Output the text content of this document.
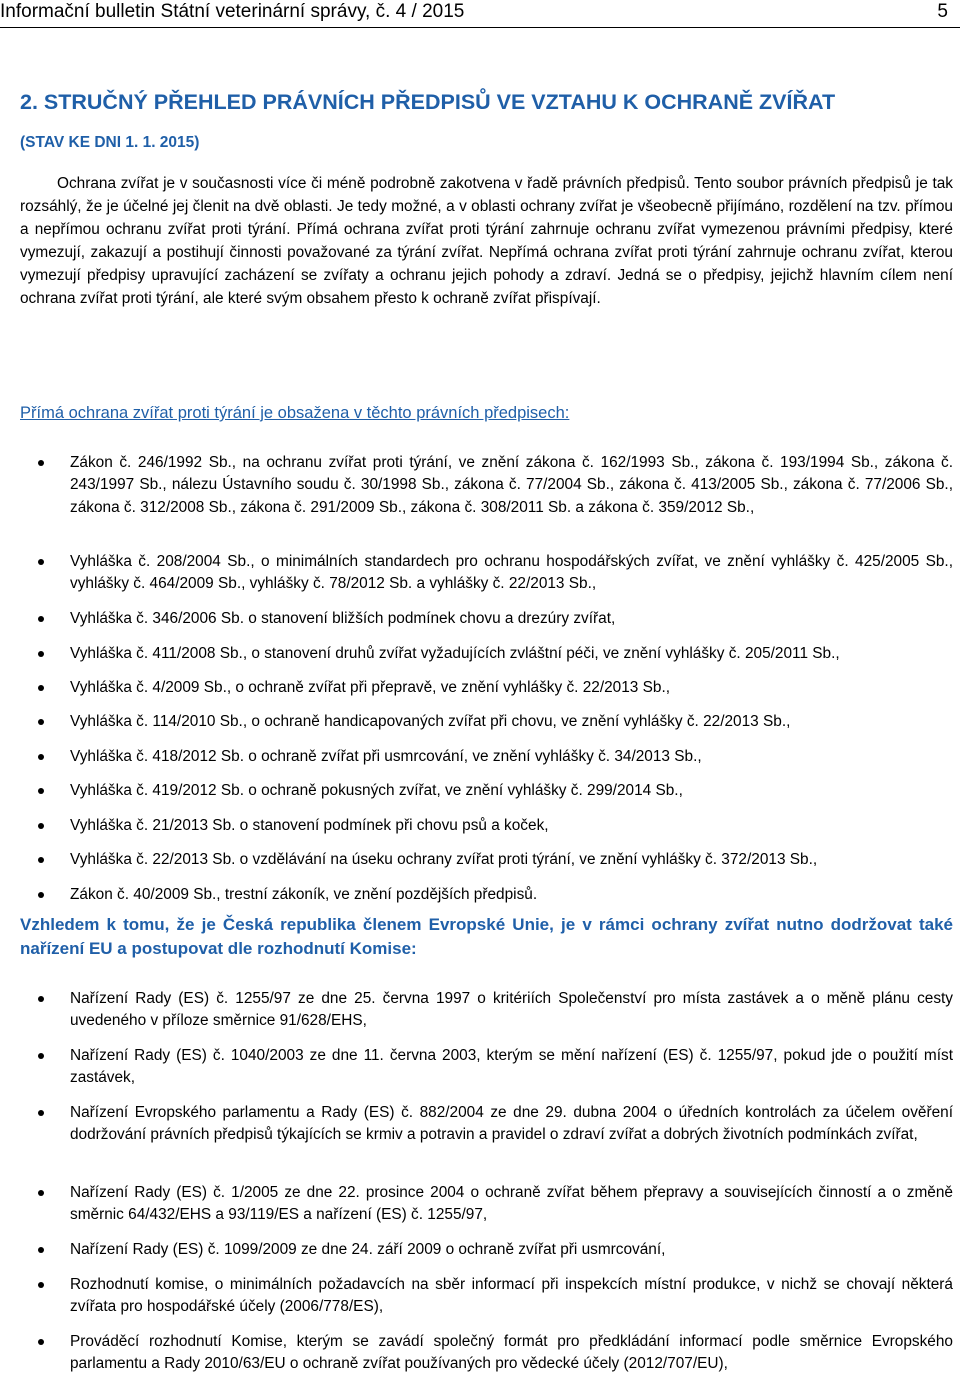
Informační bulletin Státní veterinární správy, č. 4 / 2015	5
2. STRUČNÝ PŘEHLED PRÁVNÍCH PŘEDPISŮ VE VZTAHU K OCHRANĚ ZVÍŘAT
(STAV KE DNI 1. 1. 2015)

Ochrana zvířat je v současnosti více či méně podrobně zakotvena v řadě právních předpisů. Tento soubor právních předpisů je tak rozsáhlý, že je účelné jej členit na dvě oblasti. Je tedy možné, a v oblasti ochrany zvířat je všeobecně přijímáno, rozdělení na tzv. přímou a nepřímou ochranu zvířat proti týrání. Přímá ochrana zvířat proti týrání zahrnuje ochranu zvířat vymezenou právními předpisy, které vymezují, zakazují a postihují činnosti považované za týrání zvířat. Nepřímá ochrana zvířat proti týrání zahrnuje ochranu zvířat, kterou vymezují předpisy upravující zacházení se zvířaty a ochranu jejich pohody a zdraví. Jedná se o předpisy, jejichž hlavním cílem není ochrana zvířat proti týrání, ale které svým obsahem přesto k ochraně zvířat přispívají.

Přímá ochrana zvířat proti týrání je obsažena v těchto právních předpisech:
Zákon č. 246/1992 Sb., na ochranu zvířat proti týrání, ve znění zákona č. 162/1993 Sb., zákona č. 193/1994 Sb., zákona č. 243/1997 Sb., nálezu Ústavního soudu č. 30/1998 Sb., zákona č. 77/2004 Sb., zákona č. 413/2005 Sb., zákona č. 77/2006 Sb., zákona č. 312/2008 Sb., zákona č. 291/2009 Sb., zákona č. 308/2011 Sb. a zákona č. 359/2012 Sb.,
Vyhláška č. 208/2004 Sb., o minimálních standardech pro ochranu hospodářských zvířat, ve znění vyhlášky č. 425/2005 Sb., vyhlášky č. 464/2009 Sb., vyhlášky č. 78/2012 Sb. a vyhlášky č. 22/2013 Sb.,
Vyhláška č. 346/2006 Sb. o stanovení bližších podmínek chovu a drezúry zvířat,
Vyhláška č. 411/2008 Sb., o stanovení druhů zvířat vyžadujících zvláštní péči, ve znění vyhlášky č. 205/2011 Sb.,
Vyhláška č. 4/2009 Sb., o ochraně zvířat při přepravě, ve znění vyhlášky č. 22/2013 Sb.,
Vyhláška č. 114/2010 Sb., o ochraně handicapovaných zvířat při chovu, ve znění vyhlášky č. 22/2013 Sb.,
Vyhláška č. 418/2012 Sb. o ochraně zvířat při usmrcování, ve znění vyhlášky č. 34/2013 Sb.,
Vyhláška č. 419/2012 Sb. o ochraně pokusných zvířat, ve znění vyhlášky č. 299/2014 Sb.,
Vyhláška č. 21/2013 Sb. o stanovení podmínek při chovu psů a koček,
Vyhláška č. 22/2013 Sb. o vzdělávání na úseku ochrany zvířat proti týrání, ve znění vyhlášky č. 372/2013 Sb.,
Zákon č. 40/2009 Sb., trestní zákoník, ve znění pozdějších předpisů.

Vzhledem k tomu, že je Česká republika členem Evropské Unie, je v rámci ochrany zvířat nutno dodržovat také nařízení EU a postupovat dle rozhodnutí Komise:

Nařízení Rady (ES) č. 1255/97 ze dne 25. června 1997 o kritériích Společenství pro místa zastávek a o měně plánu cesty uvedeného v příloze směrnice 91/628/EHS,
Nařízení Rady (ES) č. 1040/2003 ze dne 11. června 2003, kterým se mění nařízení (ES) č. 1255/97, pokud jde o použití míst zastávek,
Nařízení Evropského parlamentu a Rady (ES) č. 882/2004 ze dne 29. dubna 2004 o úředních kontrolách za účelem ověření dodržování právních předpisů týkajících se krmiv a potravin a pravidel o zdraví zvířat a dobrých životních podmínkách zvířat,
Nařízení Rady (ES) č. 1/2005 ze dne 22. prosince 2004 o ochraně zvířat během přepravy a souvisejících činností a o změně směrnic 64/432/EHS a 93/119/ES a nařízení (ES) č. 1255/97,
Nařízení Rady (ES) č. 1099/2009 ze dne 24. září 2009 o ochraně zvířat při usmrcování,
Rozhodnutí komise, o minimálních požadavcích na sběr informací při inspekcích místní produkce, v nichž se chovají některá zvířata pro hospodářské účely (2006/778/ES),
Prováděcí rozhodnutí Komise, kterým se zavádí společný formát pro předkládání informací podle směrnice Evropského parlamentu a Rady 2010/63/EU o ochraně zvířat používaných pro vědecké účely (2012/707/EU),
